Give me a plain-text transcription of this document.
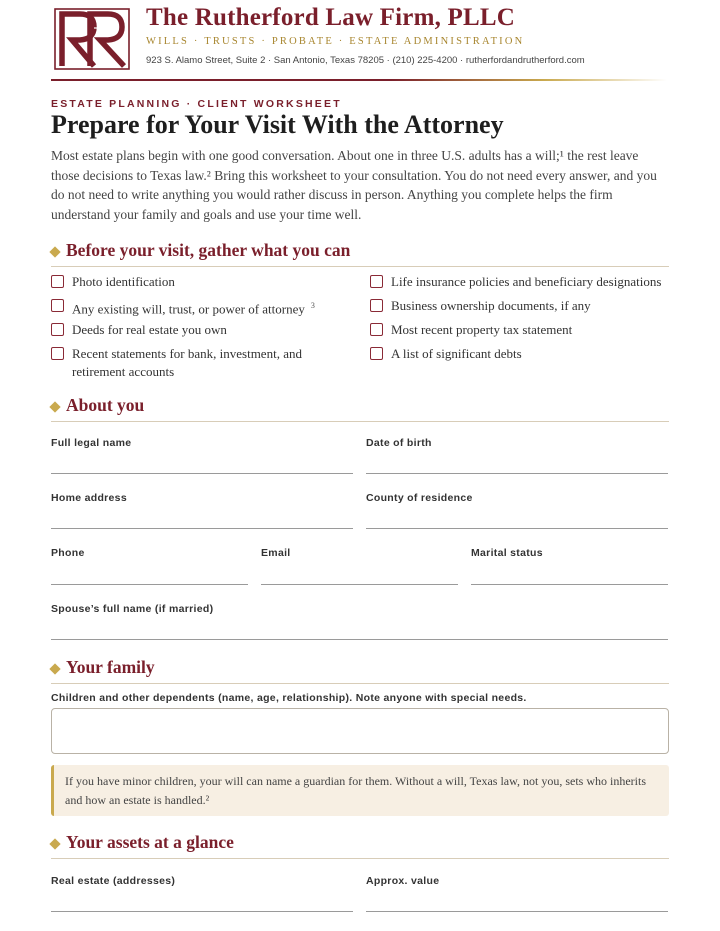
The Rutherford Law Firm, PLLC
WILLS · TRUSTS · PROBATE · ESTATE ADMINISTRATION
923 S. Alamo Street, Suite 2 · San Antonio, Texas 78205 · (210) 225-4200 · rutherfordandrutherford.com
ESTATE PLANNING · CLIENT WORKSHEET
Prepare for Your Visit With the Attorney

Most estate plans begin with one good conversation. About one in three U.S. adults has a will;¹ the rest leave those decisions to Texas law.² Bring this worksheet to your consultation. You do not need every answer, and you do not need to write anything you would rather discuss in person. Anything you complete helps the firm understand your family and goals and use your time well.

Before your visit, gather what you can
Photo identification
Any existing will, trust, or power of attorney $^3$
Deeds for real estate you own
Recent statements for bank, investment, and retirement accounts
Life insurance policies and beneficiary designations
Business ownership documents, if any
Most recent property tax statement
A list of significant debts
About you
Full legal name	Date of birth
Home address	County of residence
Phone	Email	Marital status
Spouse’s full name (if married)
Your family
Children and other dependents (name, age, relationship). Note anyone with special needs.
If you have minor children, your will can name a guardian for them. Without a will, Texas law, not you, sets who inherits and how an estate is handled.²
Your assets at a glance
Real estate (addresses)	Approx. value
